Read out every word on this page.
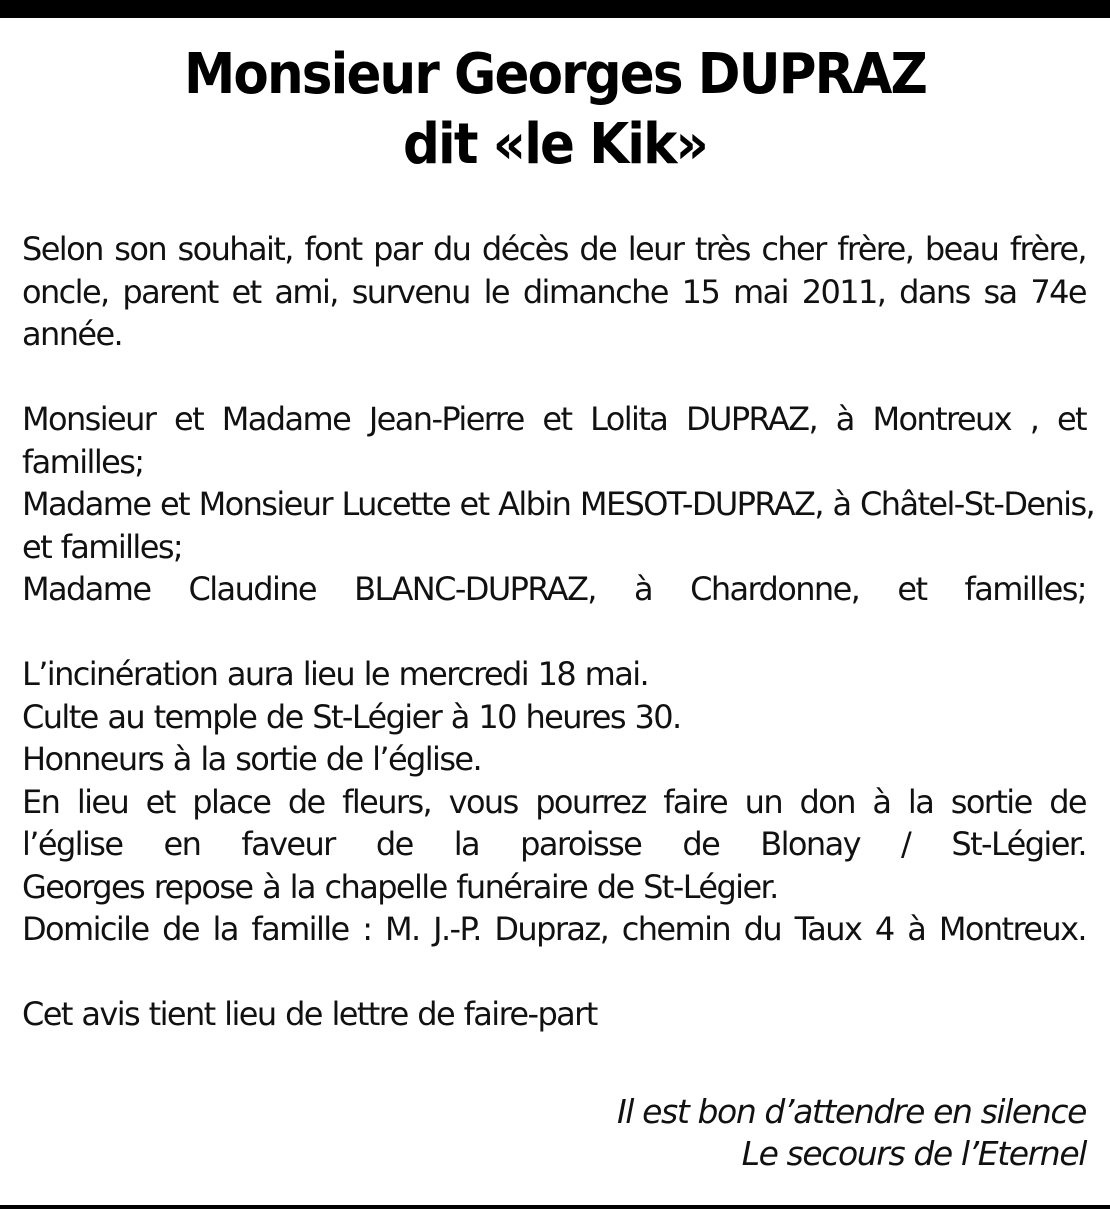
Monsieur Georges DUPRAZ
dit «le Kik»
Selon son souhait, font par du décès de leur très cher frère, beau frère,
oncle, parent et ami, survenu le dimanche 15 mai 2011, dans sa 74e
année.
Monsieur et Madame Jean-Pierre et Lolita DUPRAZ, à Montreux , et
familles;
Madame et Monsieur Lucette et Albin MESOT-DUPRAZ, à Châtel-St-Denis,
et familles;
Madame Claudine BLANC-DUPRAZ, à Chardonne, et familles;
L’incinération aura lieu le mercredi 18 mai.
Culte au temple de St-Légier à 10 heures 30.
Honneurs à la sortie de l’église.
En lieu et place de fleurs, vous pourrez faire un don à la sortie de
l’église en faveur de la paroisse de Blonay / St-Légier.
Georges repose à la chapelle funéraire de St-Légier.
Domicile de la famille : M. J.-P. Dupraz, chemin du Taux 4 à Montreux.
Cet avis tient lieu de lettre de faire-part
Il est bon d’attendre en silence
Le secours de l’Eternel
